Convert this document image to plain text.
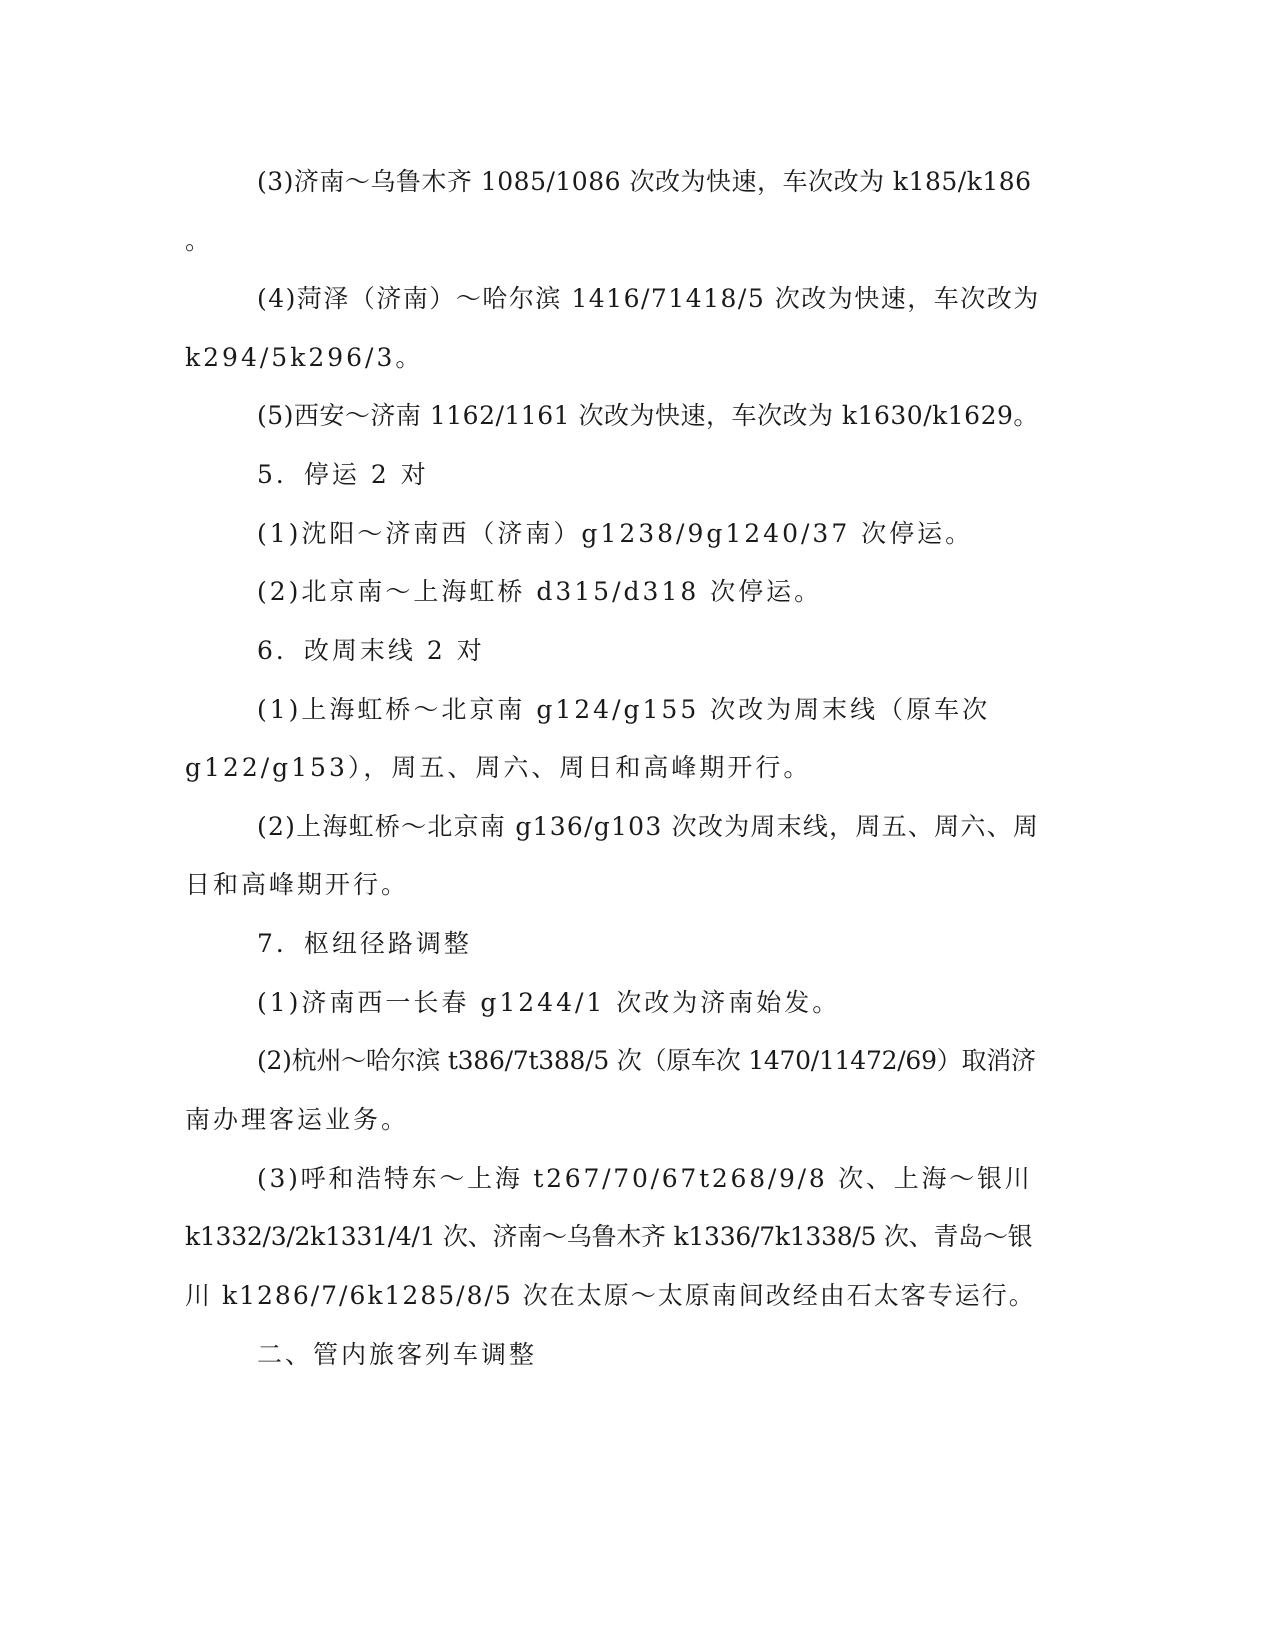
(3)济南～乌鲁木齐 1085/1086 次改为快速，车次改为 k185/k186
。
(4)菏泽（济南）～哈尔滨 1416/71418/5 次改为快速，车次改为
k294/5k296/3。
(5)西安～济南 1162/1161 次改为快速，车次改为 k1630/k1629。
5．停运 2 对
(1)沈阳～济南西（济南）g1238/9g1240/37 次停运。
(2)北京南～上海虹桥 d315/d318 次停运。
6．改周末线 2 对
(1)上海虹桥～北京南 g124/g155 次改为周末线（原车次
g122/g153），周五、周六、周日和高峰期开行。
(2)上海虹桥～北京南 g136/g103 次改为周末线，周五、周六、周
日和高峰期开行。
7．枢纽径路调整
(1)济南西一长春 g1244/1 次改为济南始发。
(2)杭州～哈尔滨 t386/7t388/5 次（原车次 1470/11472/69）取消济
南办理客运业务。
(3)呼和浩特东～上海 t267/70/67t268/9/8 次、上海～银川
k1332/3/2k1331/4/1 次、济南～乌鲁木齐 k1336/7k1338/5 次、青岛～银
川 k1286/7/6k1285/8/5 次在太原～太原南间改经由石太客专运行。
二、管内旅客列车调整
